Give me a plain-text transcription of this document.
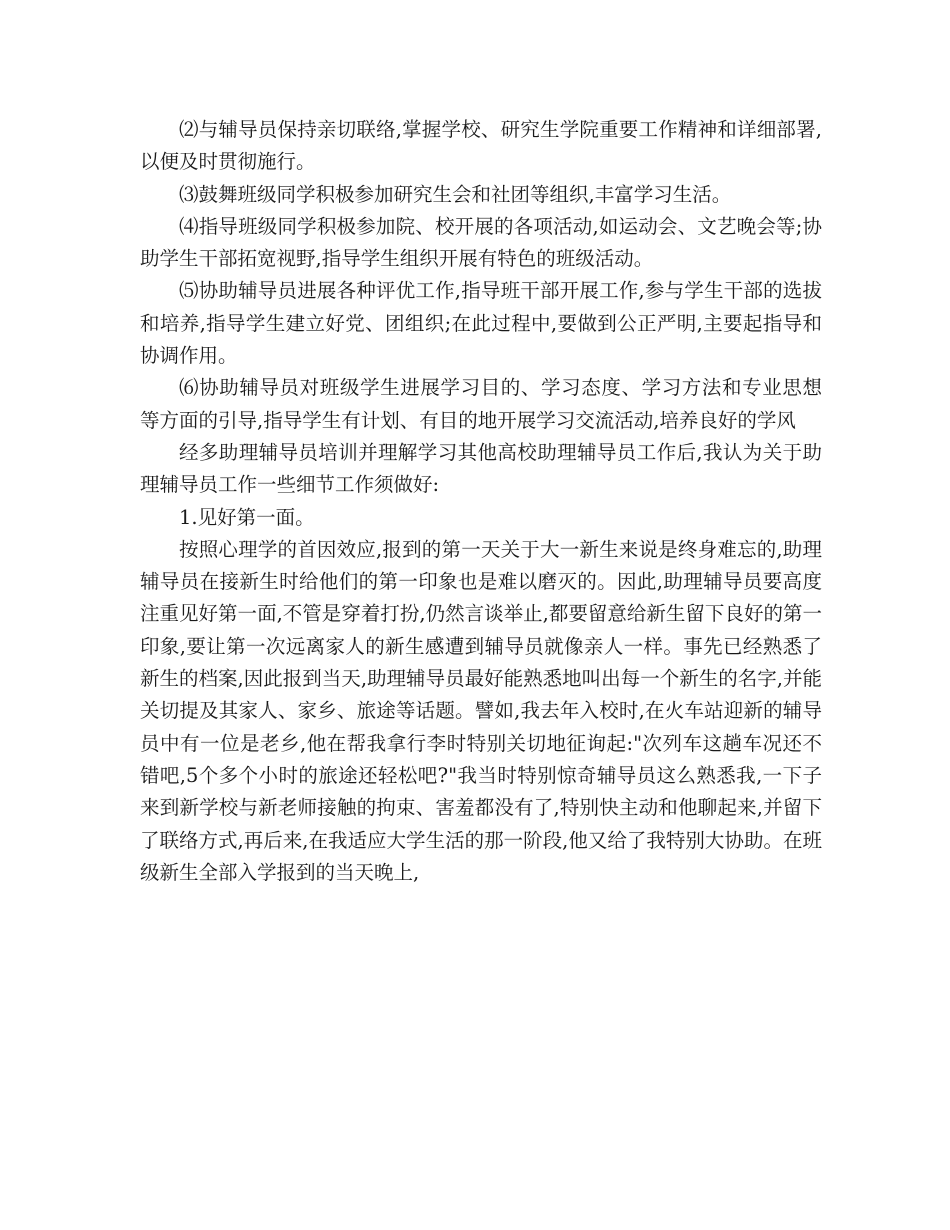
⑵与辅导员保持亲切联络,掌握学校、研究生学院重要工作精神和详细部署,以便及时贯彻施行。

⑶鼓舞班级同学积极参加研究生会和社团等组织,丰富学习生活。

⑷指导班级同学积极参加院、校开展的各项活动,如运动会、文艺晚会等;协助学生干部拓宽视野,指导学生组织开展有特色的班级活动。

⑸协助辅导员进展各种评优工作,指导班干部开展工作,参与学生干部的选拔和培养,指导学生建立好党、团组织;在此过程中,要做到公正严明,主要起指导和协调作用。

⑹协助辅导员对班级学生进展学习目的、学习态度、学习方法和专业思想等方面的引导,指导学生有计划、有目的地开展学习交流活动,培养良好的学风

经多助理辅导员培训并理解学习其他高校助理辅导员工作后,我认为关于助理辅导员工作一些细节工作须做好:

1.见好第一面。

按照心理学的首因效应,报到的第一天关于大一新生来说是终身难忘的,助理辅导员在接新生时给他们的第一印象也是难以磨灭的。因此,助理辅导员要高度注重见好第一面,不管是穿着打扮,仍然言谈举止,都要留意给新生留下良好的第一印象,要让第一次远离家人的新生感遭到辅导员就像亲人一样。事先已经熟悉了新生的档案,因此报到当天,助理辅导员最好能熟悉地叫出每一个新生的名字,并能关切提及其家人、家乡、旅途等话题。譬如,我去年入校时,在火车站迎新的辅导员中有一位是老乡,他在帮我拿行李时特别关切地征询起:"次列车这趟车况还不错吧,5个多个小时的旅途还轻松吧?"我当时特别惊奇辅导员这么熟悉我,一下子来到新学校与新老师接触的拘束、害羞都没有了,特别快主动和他聊起来,并留下了联络方式,再后来,在我适应大学生活的那一阶段,他又给了我特别大协助。在班级新生全部入学报到的当天晚上,
